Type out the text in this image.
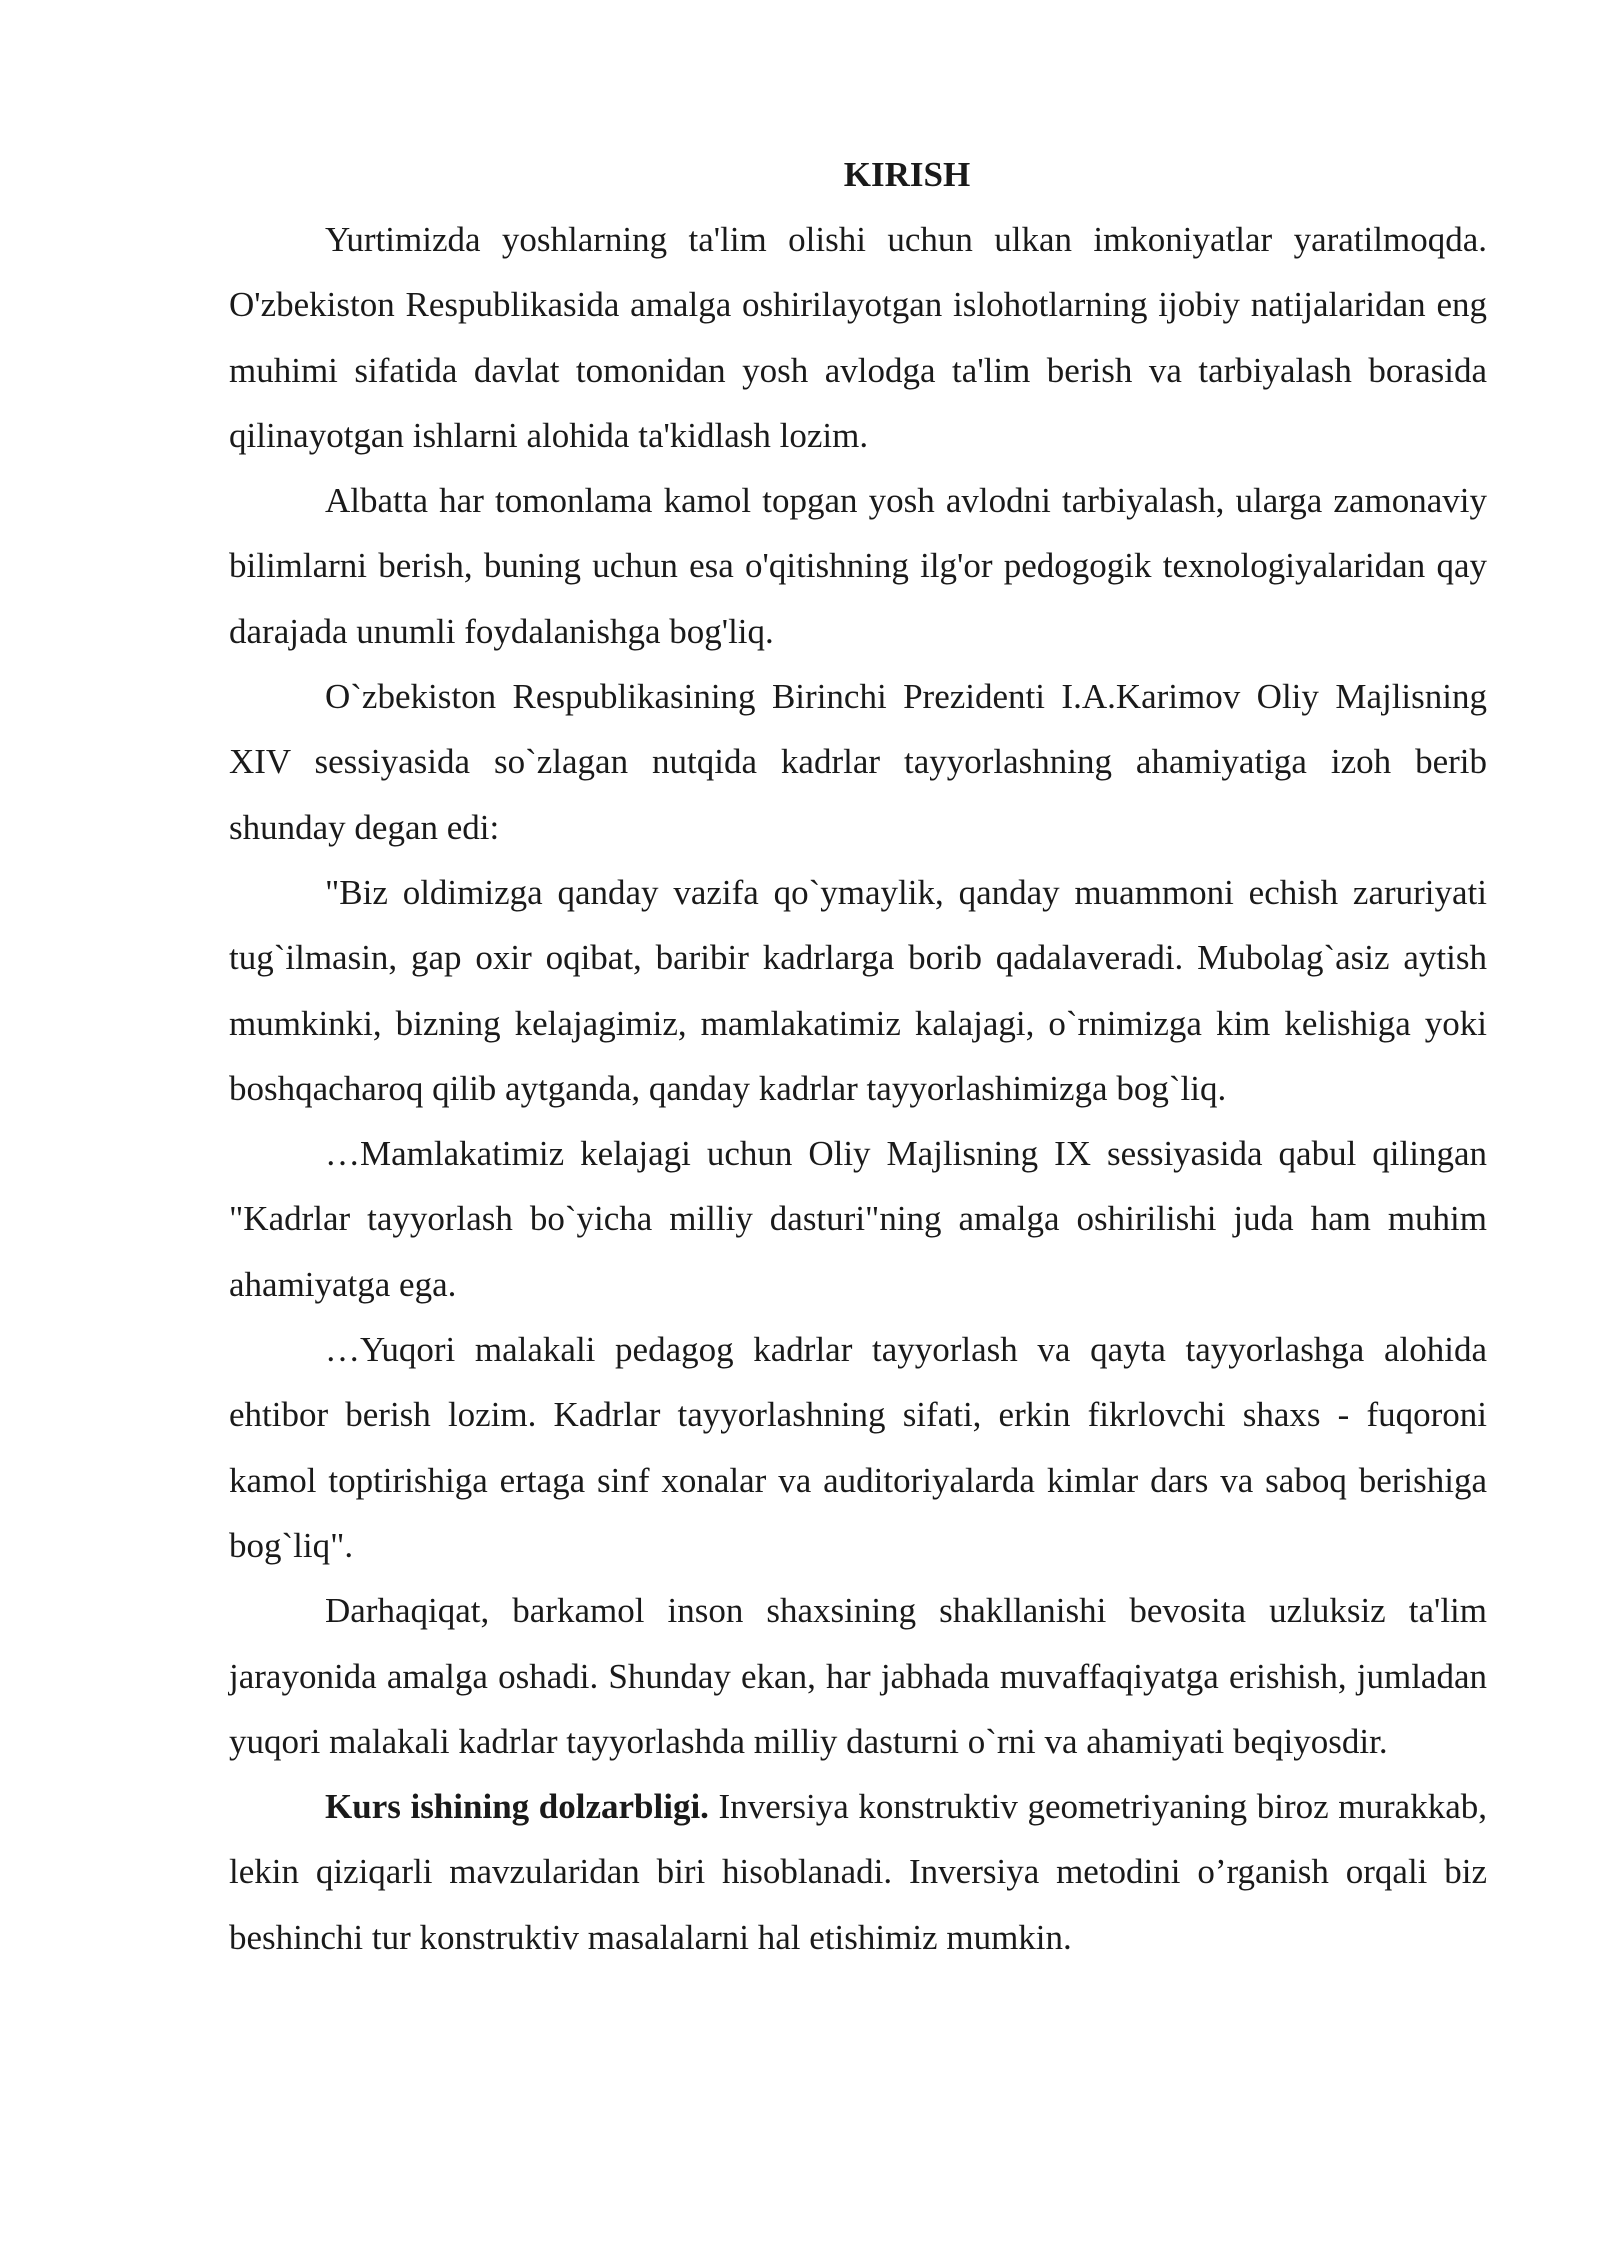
KIRISH

Yurtimizda yoshlarning ta'lim olishi uchun ulkan imkoniyatlar yaratilmoqda. O'zbekiston Respublikasida amalga oshirilayotgan islohotlarning ijobiy natijalaridan eng muhimi sifatida davlat tomonidan yosh avlodga ta'lim berish va tarbiyalash borasida qilinayotgan ishlarni alohida ta'kidlash lozim.

Albatta har tomonlama kamol topgan yosh avlodni tarbiyalash, ularga zamonaviy bilimlarni berish, buning uchun esa o'qitishning ilg'or pedogogik texnologiyalaridan qay darajada unumli foydalanishga bog'liq.

O`zbekiston Respublikasining Birinchi Prezidenti I.A.Karimov Oliy Majlisning XIV sessiyasida so`zlagan nutqida kadrlar tayyorlashning ahamiyatiga izoh berib shunday degan edi:

"Biz oldimizga qanday vazifa qo`ymaylik, qanday muammoni echish zaruriyati tug`ilmasin, gap oxir oqibat, baribir kadrlarga borib qadalaveradi. Mubolag`asiz aytish mumkinki, bizning kelajagimiz, mamlakatimiz kalajagi, o`rnimizga kim kelishiga yoki boshqacharoq qilib aytganda, qanday kadrlar tayyorlashimizga bog`liq.

…Mamlakatimiz kelajagi uchun Oliy Majlisning IX sessiyasida qabul qilingan "Kadrlar tayyorlash bo`yicha milliy dasturi"ning amalga oshirilishi juda ham muhim ahamiyatga ega.

…Yuqori malakali pedagog kadrlar tayyorlash va qayta tayyorlashga alohida ehtibor berish lozim. Kadrlar tayyorlashning sifati, erkin fikrlovchi shaxs - fuqoroni kamol toptirishiga ertaga sinf xonalar va auditoriyalarda kimlar dars va saboq berishiga bog`liq".

Darhaqiqat, barkamol inson shaxsining shakllanishi bevosita uzluksiz ta'lim jarayonida amalga oshadi. Shunday ekan, har jabhada muvaffaqiyatga erishish, jumladan yuqori malakali kadrlar tayyorlashda milliy dasturni o`rni va ahamiyati beqiyosdir.

Kurs ishining dolzarbligi. Inversiya konstruktiv geometriyaning biroz murakkab, lekin qiziqarli mavzularidan biri hisoblanadi. Inversiya metodini o’rganish orqali biz beshinchi tur konstruktiv masalalarni hal etishimiz mumkin.
